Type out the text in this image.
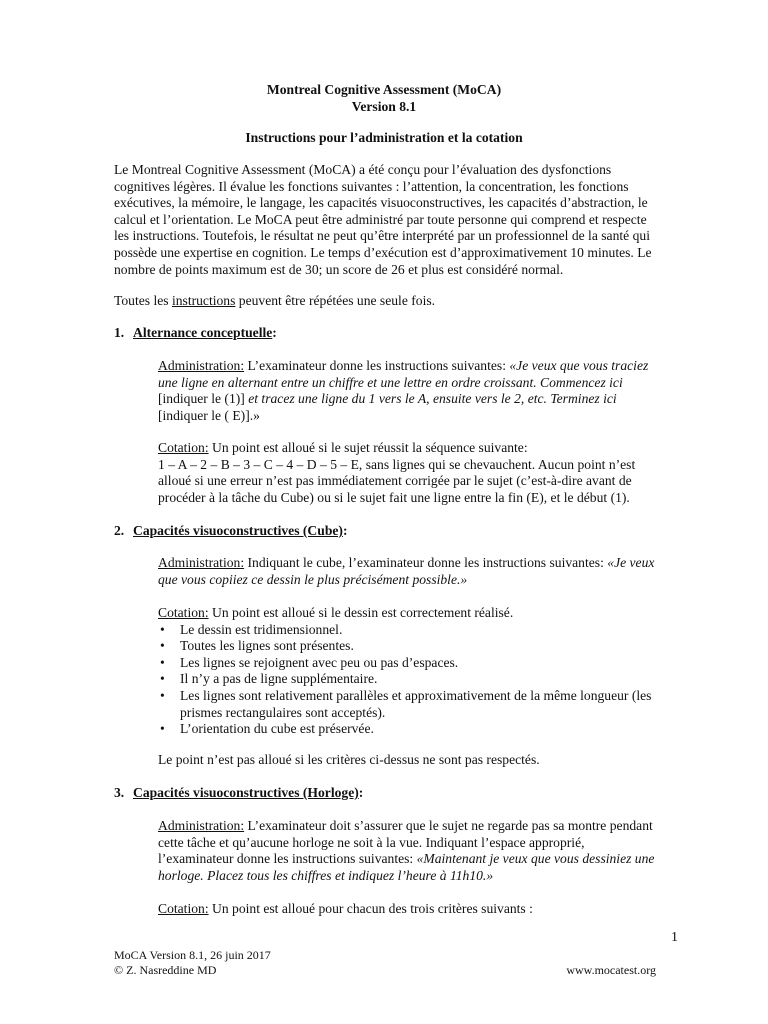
Montreal Cognitive Assessment (MoCA)
Version 8.1
Instructions pour l’administration et la cotation

Le Montreal Cognitive Assessment (MoCA) a été conçu pour l’évaluation des dysfonctions cognitives légères. Il évalue les fonctions suivantes : l’attention, la concentration, les fonctions exécutives, la mémoire, le langage, les capacités visuoconstructives, les capacités d’abstraction, le calcul et l’orientation. Le MoCA peut être administré par toute personne qui comprend et respecte les instructions. Toutefois, le résultat ne peut qu’être interprété par un professionnel de la santé qui possède une expertise en cognition. Le temps d’exécution est d’approximativement 10 minutes. Le nombre de points maximum est de 30; un score de 26 et plus est considéré normal.

Toutes les instructions peuvent être répétées une seule fois.

1. Alternance conceptuelle:

Administration: L’examinateur donne les instructions suivantes: «Je veux que vous traciez une ligne en alternant entre un chiffre et une lettre en ordre croissant. Commencez ici [indiquer le (1)] et tracez une ligne du 1 vers le A, ensuite vers le 2, etc. Terminez ici [indiquer le ( E)].»

Cotation: Un point est alloué si le sujet réussit la séquence suivante:
1 – A – 2 – B – 3 – C – 4 – D – 5 – E, sans lignes qui se chevauchent. Aucun point n’est alloué si une erreur n’est pas immédiatement corrigée par le sujet (c’est-à-dire avant de procéder à la tâche du Cube) ou si le sujet fait une ligne entre la fin (E), et le début (1).

2. Capacités visuoconstructives (Cube):

Administration: Indiquant le cube, l’examinateur donne les instructions suivantes: «Je veux que vous copiiez ce dessin le plus précisément possible.»

Cotation: Un point est alloué si le dessin est correctement réalisé.
• Le dessin est tridimensionnel.
• Toutes les lignes sont présentes.
• Les lignes se rejoignent avec peu ou pas d’espaces.
• Il n’y a pas de ligne supplémentaire.
• Les lignes sont relativement parallèles et approximativement de la même longueur (les prismes rectangulaires sont acceptés).
• L’orientation du cube est préservée.

Le point n’est pas alloué si les critères ci-dessus ne sont pas respectés.

3. Capacités visuoconstructives (Horloge):

Administration: L’examinateur doit s’assurer que le sujet ne regarde pas sa montre pendant cette tâche et qu’aucune horloge ne soit à la vue. Indiquant l’espace approprié, l’examinateur donne les instructions suivantes: «Maintenant je veux que vous dessiniez une horloge. Placez tous les chiffres et indiquez l’heure à 11h10.»

Cotation: Un point est alloué pour chacun des trois critères suivants :

1
MoCA Version 8.1, 26 juin 2017
© Z. Nasreddine MD	www.mocatest.org
